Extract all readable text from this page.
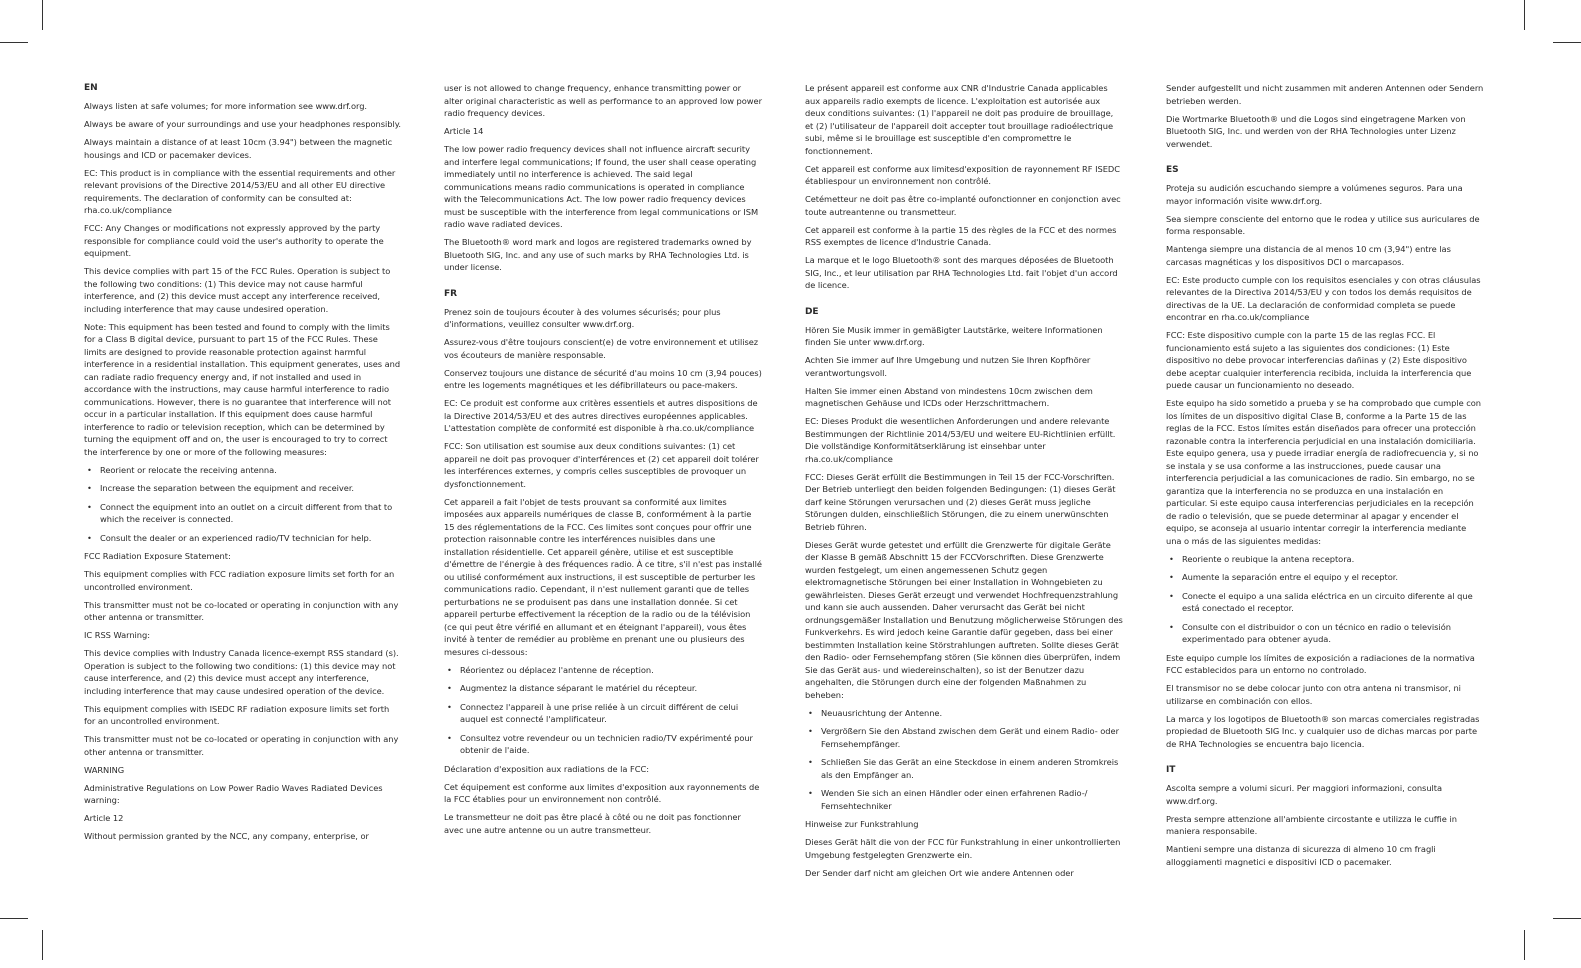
EN

Always listen at safe volumes; for more information see www.drf.org.

Always be aware of your surroundings and use your headphones responsibly.

Always maintain a distance of at least 10cm (3.94") between the magnetic housings and ICD or pacemaker devices.

EC: This product is in compliance with the essential requirements and other relevant provisions of the Directive 2014/53/EU and all other EU directive requirements. The declaration of conformity can be consulted at: rha.co.uk/compliance

FCC: Any Changes or modifications not expressly approved by the party responsible for compliance could void the user's authority to operate the equipment.

This device complies with part 15 of the FCC Rules. Operation is subject to the following two conditions: (1) This device may not cause harmful interference, and (2) this device must accept any interference received, including interference that may cause undesired operation.

Note: This equipment has been tested and found to comply with the limits for a Class B digital device, pursuant to part 15 of the FCC Rules. These limits are designed to provide reasonable protection against harmful interference in a residential installation. This equipment generates, uses and can radiate radio frequency energy and, if not installed and used in accordance with the instructions, may cause harmful interference to radio communications. However, there is no guarantee that interference will not occur in a particular installation. If this equipment does cause harmful interference to radio or television reception, which can be determined by turning the equipment off and on, the user is encouraged to try to correct the interference by one or more of the following measures:

• Reorient or relocate the receiving antenna.
• Increase the separation between the equipment and receiver.
• Connect the equipment into an outlet on a circuit different from that to which the receiver is connected.
• Consult the dealer or an experienced radio/TV technician for help.

FCC Radiation Exposure Statement:

This equipment complies with FCC radiation exposure limits set forth for an uncontrolled environment.

This transmitter must not be co-located or operating in conjunction with any other antenna or transmitter.

IC RSS Warning:

This device complies with Industry Canada licence-exempt RSS standard (s). Operation is subject to the following two conditions: (1) this device may not cause interference, and (2) this device must accept any interference, including interference that may cause undesired operation of the device.

This equipment complies with ISEDC RF radiation exposure limits set forth for an uncontrolled environment.

This transmitter must not be co-located or operating in conjunction with any other antenna or transmitter.

WARNING

Administrative Regulations on Low Power Radio Waves Radiated Devices warning:

Article 12

Without permission granted by the NCC, any company, enterprise, or

user is not allowed to change frequency, enhance transmitting power or alter original characteristic as well as performance to an approved low power radio frequency devices.

Article 14

The low power radio frequency devices shall not influence aircraft security and interfere legal communications; If found, the user shall cease operating immediately until no interference is achieved. The said legal communications means radio communications is operated in compliance with the Telecommunications Act. The low power radio frequency devices must be susceptible with the interference from legal communications or ISM radio wave radiated devices.

The Bluetooth® word mark and logos are registered trademarks owned by Bluetooth SIG, Inc. and any use of such marks by RHA Technologies Ltd. is under license.

FR

Prenez soin de toujours écouter à des volumes sécurisés; pour plus d'informations, veuillez consulter www.drf.org.

Assurez-vous d'être toujours conscient(e) de votre environnement et utilisez vos écouteurs de manière responsable.

Conservez toujours une distance de sécurité d'au moins 10 cm (3,94 pouces) entre les logements magnétiques et les défibrillateurs ou pace-makers.

EC: Ce produit est conforme aux critères essentiels et autres dispositions de la Directive 2014/53/EU et des autres directives européennes applicables. L'attestation complète de conformité est disponible à rha.co.uk/compliance

FCC: Son utilisation est soumise aux deux conditions suivantes: (1) cet appareil ne doit pas provoquer d'interférences et (2) cet appareil doit tolérer les interférences externes, y compris celles susceptibles de provoquer un dysfonctionnement.

Cet appareil a fait l'objet de tests prouvant sa conformité aux limites imposées aux appareils numériques de classe B, conformément à la partie 15 des réglementations de la FCC. Ces limites sont conçues pour offrir une protection raisonnable contre les interférences nuisibles dans une installation résidentielle. Cet appareil génère, utilise et est susceptible d'émettre de l'énergie à des fréquences radio. À ce titre, s'il n'est pas installé ou utilisé conformément aux instructions, il est susceptible de perturber les communications radio. Cependant, il n'est nullement garanti que de telles perturbations ne se produisent pas dans une installation donnée. Si cet appareil perturbe effectivement la réception de la radio ou de la télévision (ce qui peut être vérifié en allumant et en éteignant l'appareil), vous êtes invité à tenter de remédier au problème en prenant une ou plusieurs des mesures ci-dessous:

• Réorientez ou déplacez l'antenne de réception.
• Augmentez la distance séparant le matériel du récepteur.
• Connectez l'appareil à une prise reliée à un circuit différent de celui auquel est connecté l'amplificateur.
• Consultez votre revendeur ou un technicien radio/TV expérimenté pour obtenir de l'aide.

Déclaration d'exposition aux radiations de la FCC:

Cet équipement est conforme aux limites d'exposition aux rayonnements de la FCC établies pour un environnement non contrôlé.

Le transmetteur ne doit pas être placé à côté ou ne doit pas fonctionner avec une autre antenne ou un autre transmetteur.

Le présent appareil est conforme aux CNR d'Industrie Canada applicables aux appareils radio exempts de licence. L'exploitation est autorisée aux deux conditions suivantes: (1) l'appareil ne doit pas produire de brouillage, et (2) l'utilisateur de l'appareil doit accepter tout brouillage radioélectrique subi, même si le brouillage est susceptible d'en compromettre le fonctionnement.

Cet appareil est conforme aux limitesd'exposition de rayonnement RF ISEDC établiespour un environnement non contrôlé.

Cetémetteur ne doit pas être co-implanté oufonctionner en conjonction avec toute autreantenne ou transmetteur.

Cet appareil est conforme à la partie 15 des règles de la FCC et des normes RSS exemptes de licence d'Industrie Canada.

La marque et le logo Bluetooth® sont des marques déposées de Bluetooth SIG, Inc., et leur utilisation par RHA Technologies Ltd. fait l'objet d'un accord de licence.

DE

Hören Sie Musik immer in gemäßigter Lautstärke, weitere Informationen finden Sie unter www.drf.org.

Achten Sie immer auf Ihre Umgebung und nutzen Sie Ihren Kopfhörer verantwortungsvoll.

Halten Sie immer einen Abstand von mindestens 10cm zwischen dem magnetischen Gehäuse und ICDs oder Herzschrittmachern.

EC: Dieses Produkt die wesentlichen Anforderungen und andere relevante Bestimmungen der Richtlinie 2014/53/EU und weitere EU-Richtlinien erfüllt. Die vollständige Konformitätserklärung ist einsehbar unter rha.co.uk/compliance

FCC: Dieses Gerät erfüllt die Bestimmungen in Teil 15 der FCC-Vorschriften. Der Betrieb unterliegt den beiden folgenden Bedingungen: (1) dieses Gerät darf keine Störungen verursachen und (2) dieses Gerät muss jegliche Störungen dulden, einschließlich Störungen, die zu einem unerwünschten Betrieb führen.

Dieses Gerät wurde getestet und erfüllt die Grenzwerte für digitale Geräte der Klasse B gemäß Abschnitt 15 der FCCVorschriften. Diese Grenzwerte wurden festgelegt, um einen angemessenen Schutz gegen elektromagnetische Störungen bei einer Installation in Wohngebieten zu gewährleisten. Dieses Gerät erzeugt und verwendet Hochfrequenzstrahlung und kann sie auch aussenden. Daher verursacht das Gerät bei nicht ordnungsgemäßer Installation und Benutzung möglicherweise Störungen des Funkverkehrs. Es wird jedoch keine Garantie dafür gegeben, dass bei einer bestimmten Installation keine Störstrahlungen auftreten. Sollte dieses Gerät den Radio- oder Fernsehempfang stören (Sie können dies überprüfen, indem Sie das Gerät aus- und wiedereinschalten), so ist der Benutzer dazu angehalten, die Störungen durch eine der folgenden Maßnahmen zu beheben:

• Neuausrichtung der Antenne.
• Vergrößern Sie den Abstand zwischen dem Gerät und einem Radio- oder Fernsehempfänger.
• Schließen Sie das Gerät an eine Steckdose in einem anderen Stromkreis als den Empfänger an.
• Wenden Sie sich an einen Händler oder einen erfahrenen Radio-/ Fernsehtechniker

Hinweise zur Funkstrahlung

Dieses Gerät hält die von der FCC für Funkstrahlung in einer unkontrollierten Umgebung festgelegten Grenzwerte ein.

Der Sender darf nicht am gleichen Ort wie andere Antennen oder

Sender aufgestellt und nicht zusammen mit anderen Antennen oder Sendern betrieben werden.

Die Wortmarke Bluetooth® und die Logos sind eingetragene Marken von Bluetooth SIG, Inc. und werden von der RHA Technologies unter Lizenz verwendet.

ES

Proteja su audición escuchando siempre a volúmenes seguros. Para una mayor información visite www.drf.org.

Sea siempre consciente del entorno que le rodea y utilice sus auriculares de forma responsable.

Mantenga siempre una distancia de al menos 10 cm (3,94") entre las carcasas magnéticas y los dispositivos DCI o marcapasos.

EC: Este producto cumple con los requisitos esenciales y con otras cláusulas relevantes de la Directiva 2014/53/EU y con todos los demás requisitos de directivas de la UE. La declaración de conformidad completa se puede encontrar en rha.co.uk/compliance

FCC: Este dispositivo cumple con la parte 15 de las reglas FCC. El funcionamiento está sujeto a las siguientes dos condiciones: (1) Este dispositivo no debe provocar interferencias dañinas y (2) Este dispositivo debe aceptar cualquier interferencia recibida, incluida la interferencia que puede causar un funcionamiento no deseado.

Este equipo ha sido sometido a prueba y se ha comprobado que cumple con los límites de un dispositivo digital Clase B, conforme a la Parte 15 de las reglas de la FCC. Estos límites están diseñados para ofrecer una protección razonable contra la interferencia perjudicial en una instalación domiciliaria. Este equipo genera, usa y puede irradiar energía de radiofrecuencia y, si no se instala y se usa conforme a las instrucciones, puede causar una interferencia perjudicial a las comunicaciones de radio. Sin embargo, no se garantiza que la interferencia no se produzca en una instalación en particular. Si este equipo causa interferencias perjudiciales en la recepción de radio o televisión, que se puede determinar al apagar y encender el equipo, se aconseja al usuario intentar corregir la interferencia mediante una o más de las siguientes medidas:

• Reoriente o reubique la antena receptora.
• Aumente la separación entre el equipo y el receptor.
• Conecte el equipo a una salida eléctrica en un circuito diferente al que está conectado el receptor.
• Consulte con el distribuidor o con un técnico en radio o televisión experimentado para obtener ayuda.

Este equipo cumple los límites de exposición a radiaciones de la normativa FCC establecidos para un entorno no controlado.

El transmisor no se debe colocar junto con otra antena ni transmisor, ni utilizarse en combinación con ellos.

La marca y los logotipos de Bluetooth® son marcas comerciales registradas propiedad de Bluetooth SIG Inc. y cualquier uso de dichas marcas por parte de RHA Technologies se encuentra bajo licencia.

IT

Ascolta sempre a volumi sicuri. Per maggiori informazioni, consulta www.drf.org.

Presta sempre attenzione all'ambiente circostante e utilizza le cuffie in maniera responsabile.

Mantieni sempre una distanza di sicurezza di almeno 10 cm fragli alloggiamenti magnetici e dispositivi ICD o pacemaker.
